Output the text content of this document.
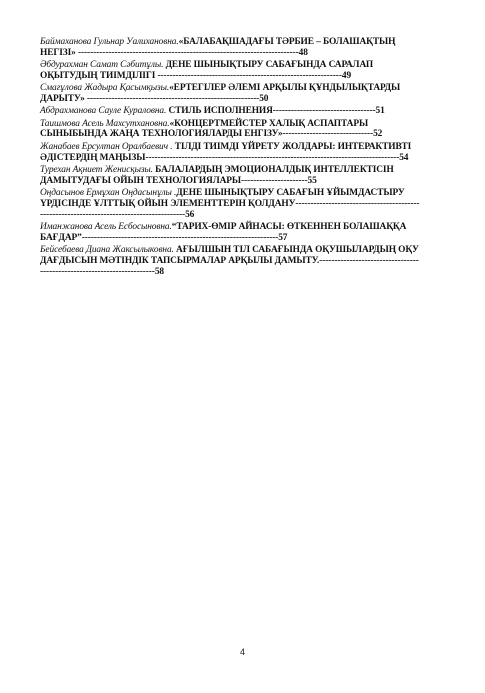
Баймаханова Гульнар Уалихановна.«БАЛАБАҚШАДАҒЫ ТӘРБИЕ – БОЛАШАҚТЫҢ НЕГІЗІ» -------------------------------------------------------------------------48

Әбдурахман Самат Сәбитұлы. ДЕНЕ ШЫНЫҚТЫРУ САБАҒЫНДА САРАЛАП ОҚЫТУДЫҢ ТИІМДІЛІГІ -------------------------------------------------------------49

Смағұлова Жадыра Қасымқызы.«ЕРТЕГІЛЕР ӘЛЕМІ АРҚЫЛЫ ҚҰНДЫЛЫҚТАРДЫ ДАРЫТУ» ---------------------------------------------------------50

Абдрахманова Сауле Кураловна. СТИЛЬ ИСПОЛНЕНИЯ----------------------------------51

Таишмова Асель Махсутхановна.«КОНЦЕРТМЕЙСТЕР ХАЛЫҚ АСПАПТАРЫ СЫНЫБЫНДА ЖАҢА ТЕХНОЛОГИЯЛАРДЫ ЕНГІЗУ»------------------------------52

Жанабаев Ерсултан Оралбаевич . ТІЛДІ ТИІМДІ ҮЙРЕТУ ЖОЛДАРЫ: ИНТЕРАКТИВТІ ӘДІСТЕРДІҢ МАҢЫЗЫ------------------------------------------------------------------------------------54

Турехан Ақниет Женисқызы. БАЛАЛАРДЫҢ ЭМОЦИОНАЛДЫҚ ИНТЕЛЛЕКТІСІН ДАМЫТУДАҒЫ ОЙЫН ТЕХНОЛОГИЯЛАРЫ----------------------55

Оңдасынов Ермұхан Оңдасынұлы .ДЕНЕ ШЫНЫҚТЫРУ САБАҒЫН ҰЙЫМДАСТЫРУ ҮРДІСІНДЕ ҰЛТТЫҚ ОЙЫН ЭЛЕМЕНТТЕРІН ҚОЛДАНУ-----------------------------------------------------------------------------------------56

Иманжанова Асель Есбосыновна.“ТАРИХ-ӨМІР АЙНАСЫ: ӨТКЕННЕН БОЛАШАҚҚА БАҒДАР”-----------------------------------------------------------------57

Бейсебаева Диана Жаксылыковна. АҒЫЛШЫН ТІЛ САБАҒЫНДА ОҚУШЫЛАРДЫҢ ОҚУ ДАҒДЫСЫН МӘТІНДІК ТАПСЫРМАЛАР АРҚЫЛЫ ДАМЫТУ.-----------------------------------------------------------------------58

4
